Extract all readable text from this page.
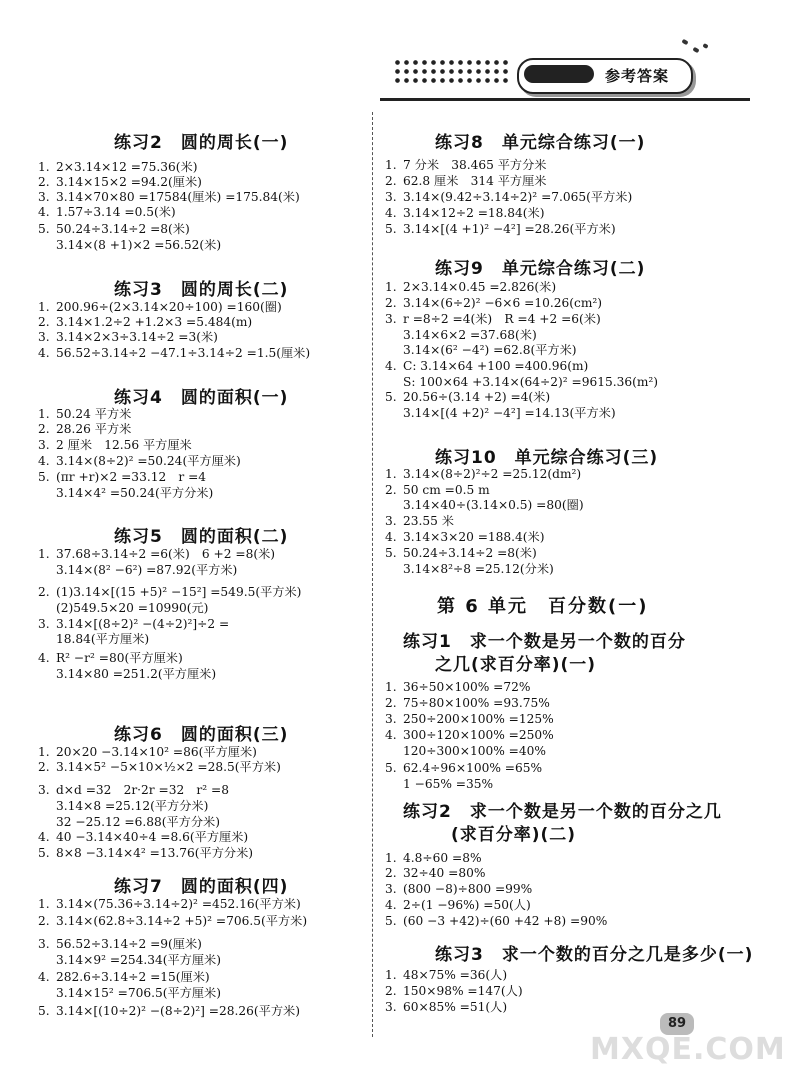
参考答案
练习2　圆的周长(一)
1. 2×3.14×12 =75.36(米)
2. 3.14×15×2 =94.2(厘米)
3. 3.14×70×80 =17584(厘米) =175.84(米)
4. 1.57÷3.14 =0.5(米)
5. 50.24÷3.14÷2 =8(米)
3.14×(8 +1)×2 =56.52(米)
练习3　圆的周长(二)
1. 200.96÷(2×3.14×20÷100) =160(圈)
2. 3.14×1.2÷2 +1.2×3 =5.484(m)
3. 3.14×2×3÷3.14÷2 =3(米)
4. 56.52÷3.14÷2 −47.1÷3.14÷2 =1.5(厘米)
练习4　圆的面积(一)
1. 50.24 平方米
2. 28.26 平方米
3. 2 厘米　12.56 平方厘米
4. 3.14×(8÷2)² =50.24(平方厘米)
5. (πr +r)×2 =33.12　r =4
3.14×4² =50.24(平方分米)
练习5　圆的面积(二)
1. 37.68÷3.14÷2 =6(米)　6 +2 =8(米)
3.14×(8² −6²) =87.92(平方米)
2. (1)3.14×[(15 +5)² −15²] =549.5(平方米)
(2)549.5×20 =10990(元)
3. 3.14×[(8÷2)² −(4÷2)²]÷2 =
18.84(平方厘米)
4. R² −r² =80(平方厘米)
3.14×80 =251.2(平方厘米)
练习6　圆的面积(三)
1. 20×20 −3.14×10² =86(平方厘米)
2. 3.14×5² −5×10×½×2 =28.5(平方米)
3. d×d =32　2r·2r =32　r² =8
3.14×8 =25.12(平方分米)
32 −25.12 =6.88(平方分米)
4. 40 −3.14×40÷4 =8.6(平方厘米)
5. 8×8 −3.14×4² =13.76(平方分米)
练习7　圆的面积(四)
1. 3.14×(75.36÷3.14÷2)² =452.16(平方米)
2. 3.14×(62.8÷3.14÷2 +5)² =706.5(平方米)
3. 56.52÷3.14÷2 =9(厘米)
3.14×9² =254.34(平方厘米)
4. 282.6÷3.14÷2 =15(厘米)
3.14×15² =706.5(平方厘米)
5. 3.14×[(10÷2)² −(8÷2)²] =28.26(平方米)
练习8　单元综合练习(一)
1. 7 分米　38.465 平方分米
2. 62.8 厘米　314 平方厘米
3. 3.14×(9.42÷3.14÷2)² =7.065(平方米)
4. 3.14×12÷2 =18.84(米)
5. 3.14×[(4 +1)² −4²] =28.26(平方米)
练习9　单元综合练习(二)
1. 2×3.14×0.45 =2.826(米)
2. 3.14×(6÷2)² −6×6 =10.26(cm²)
3. r =8÷2 =4(米)　R =4 +2 =6(米)
3.14×6×2 =37.68(米)
3.14×(6² −4²) =62.8(平方米)
4. C: 3.14×64 +100 =400.96(m)
S: 100×64 +3.14×(64÷2)² =9615.36(m²)
5. 20.56÷(3.14 +2) =4(米)
3.14×[(4 +2)² −4²] =14.13(平方米)
练习10　单元综合练习(三)
1. 3.14×(8÷2)²÷2 =25.12(dm²)
2. 50 cm =0.5 m
3.14×40÷(3.14×0.5) =80(圈)
3. 23.55 米
4. 3.14×3×20 =188.4(米)
5. 50.24÷3.14÷2 =8(米)
3.14×8²÷8 =25.12(分米)
第 6 单元　百分数(一)
练习1　求一个数是另一个数的百分
之几(求百分率)(一)
1. 36÷50×100% =72%
2. 75÷80×100% =93.75%
3. 250÷200×100% =125%
4. 300÷120×100% =250%
120÷300×100% =40%
5. 62.4÷96×100% =65%
1 −65% =35%
练习2　求一个数是另一个数的百分之几
(求百分率)(二)
1. 4.8÷60 =8%
2. 32÷40 =80%
3. (800 −8)÷800 =99%
4. 2÷(1 −96%) =50(人)
5. (60 −3 +42)÷(60 +42 +8) =90%
练习3　求一个数的百分之几是多少(一)
1. 48×75% =36(人)
2. 150×98% =147(人)
3. 60×85% =51(人)
89
MXQE.COM
